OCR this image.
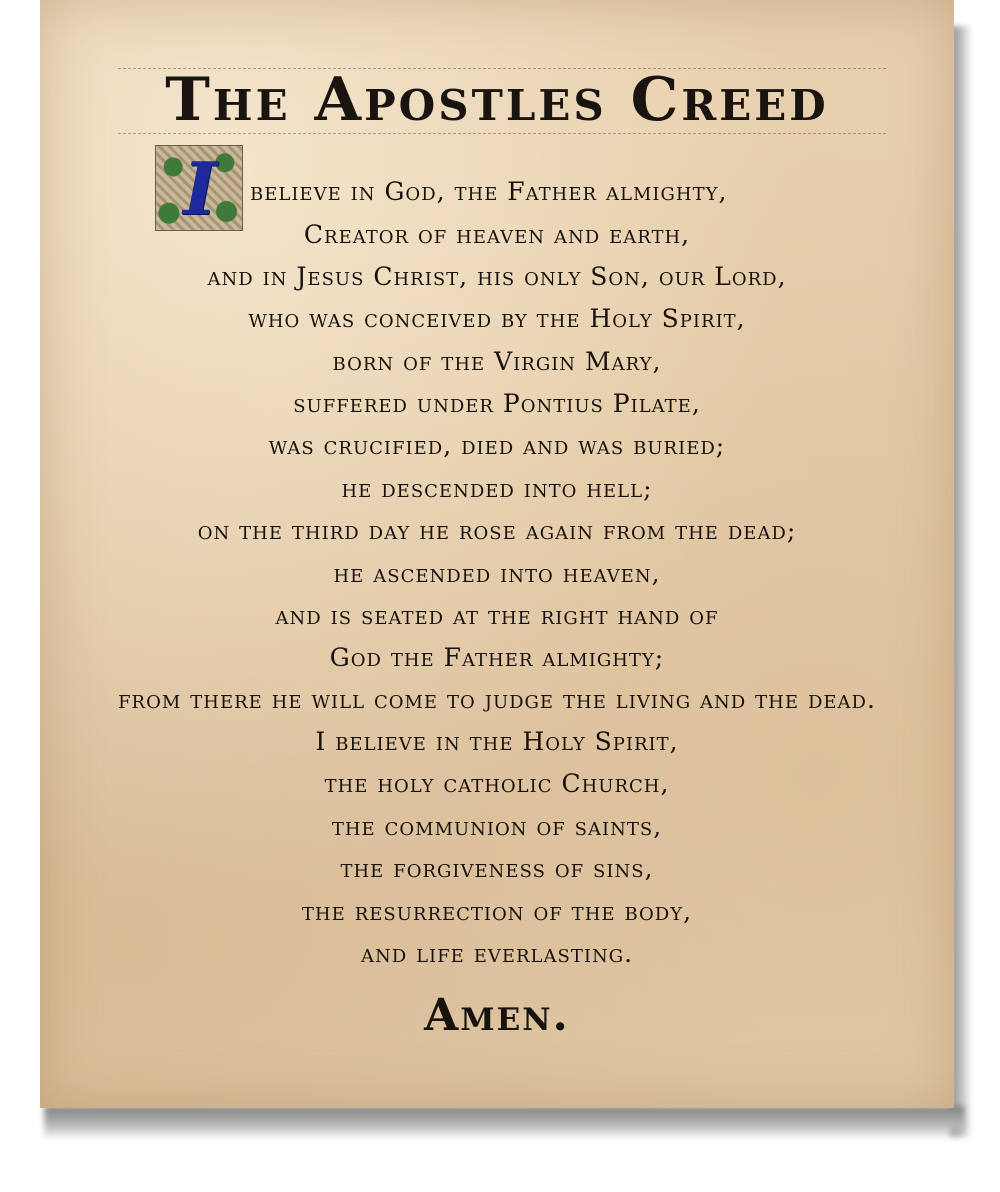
The Apostles Creed
I	believe in God, the Father almighty,
Creator of heaven and earth,
and in Jesus Christ, his only Son, our Lord,
who was conceived by the Holy Spirit,
born of the Virgin Mary,
suffered under Pontius Pilate,
was crucified, died and was buried;
he descended into hell;
on the third day he rose again from the dead;
he ascended into heaven,
and is seated at the right hand of
God the Father almighty;
from there he will come to judge the living and the dead.
I believe in the Holy Spirit,
the holy catholic Church,
the communion of saints,
the forgiveness of sins,
the resurrection of the body,
and life everlasting.
Amen.
